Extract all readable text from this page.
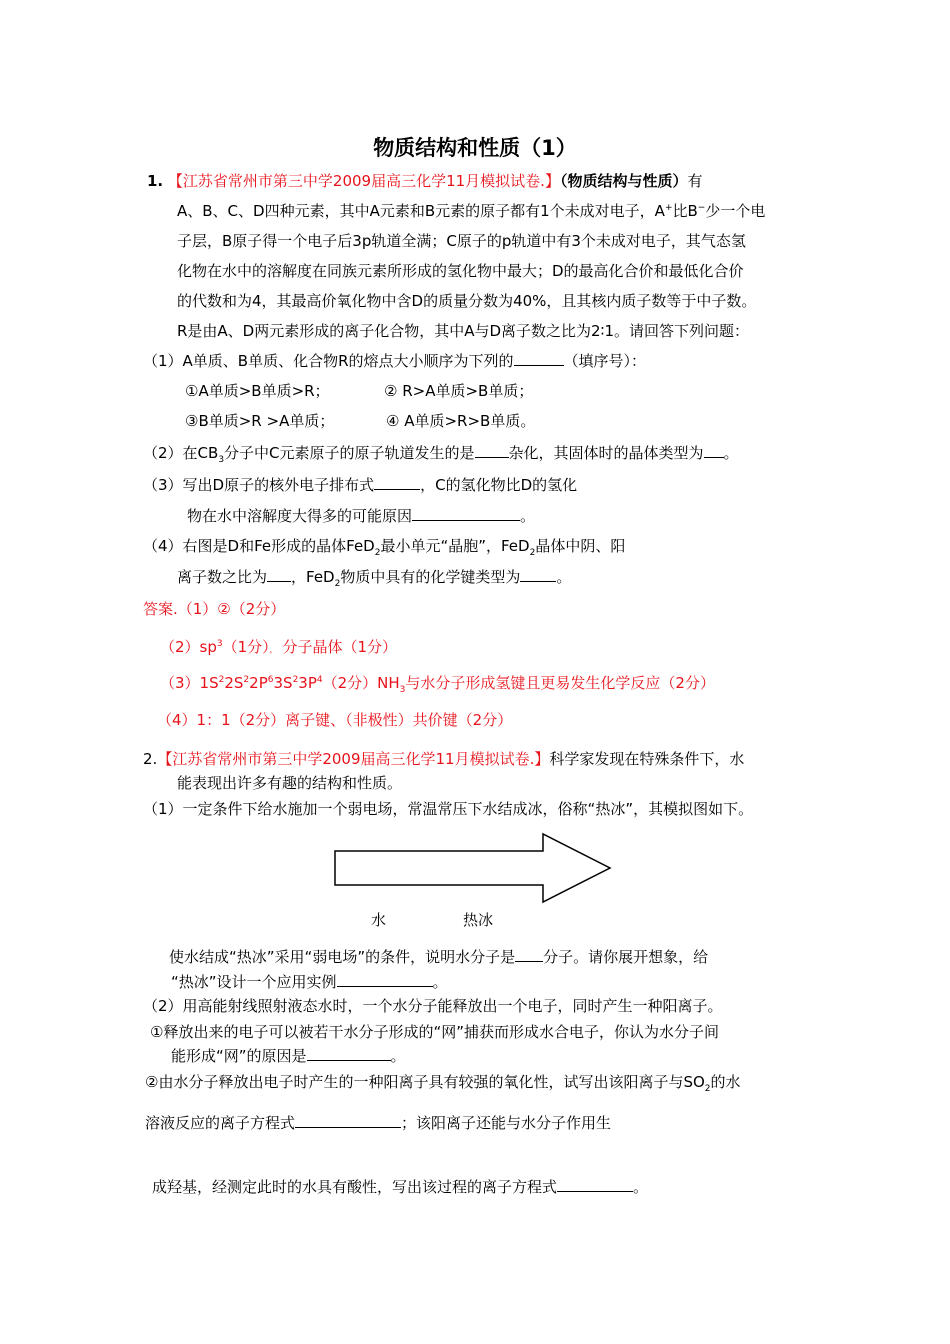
物质结构和性质（1）
1. 【江苏省常州市第三中学2009届高三化学11月模拟试卷.】（物质结构与性质）有
A、B、C、D四种元素，其中A元素和B元素的原子都有1个未成对电子，A+比B−少一个电
子层，B原子得一个电子后3p轨道全满；C原子的p轨道中有3个未成对电子，其气态氢
化物在水中的溶解度在同族元素所形成的氢化物中最大；D的最高化合价和最低化合价
的代数和为4，其最高价氧化物中含D的质量分数为40%，且其核内质子数等于中子数。
R是由A、D两元素形成的离子化合物，其中A与D离子数之比为2∶1。请回答下列问题：
（1）A单质、B单质、化合物R的熔点大小顺序为下列的	（填序号）：
①A单质>B单质>R；	② R>A单质>B单质；
③B单质>R >A单质；	④ A单质>R>B单质。
（2）在$CB_3$分子中C元素原子的原子轨道发生的是 杂化，其固体时的晶体类型为 。
（3）写出D原子的核外电子排布式	，C的氢化物比D的氢化
物在水中溶解度大得多的可能原因	。
（4）右图是D和Fe形成的晶体FeD$_2$最小单元“晶胞”，FeD$_2$晶体中阴、阳
离子数之比为 ，FeD$_2$物质中具有的化学键类型为 。
答案.（1）②（2分）
$(2)sp^3(1$分）， 分子晶体（1分）
$(3)1S^22S^22P^63S^23P^4(2$分）$NH_3$与水分子形成氢键且更易发生化学反应（2分）
（4）1：1（2分）离子键、（非极性）共价键（2分）
2.【江苏省常州市第三中学2009届高三化学11月模拟试卷.】科学家发现在特殊条件下，水
能表现出许多有趣的结构和性质。
（1）一定条件下给水施加一个弱电场，常温常压下水结成冰，俗称“热冰”，其模拟图如下。
水	热冰
使水结成“热冰”采用“弱电场”的条件，说明水分子是 分子。请你展开想象，给
“热冰”设计一个应用实例	。
（2）用高能射线照射液态水时，一个水分子能释放出一个电子，同时产生一种阳离子。
①释放出来的电子可以被若干水分子形成的“网”捕获而形成水合电子，你认为水分子间
能形成“网”的原因是	。
②由水分子释放出电子时产生的一种阳离子具有较强的氧化性，试写出该阳离子与$SO_2$的水
溶液反应的离子方程式	；该阳离子还能与水分子作用生
成羟基，经测定此时的水具有酸性，写出该过程的离子方程式	。
